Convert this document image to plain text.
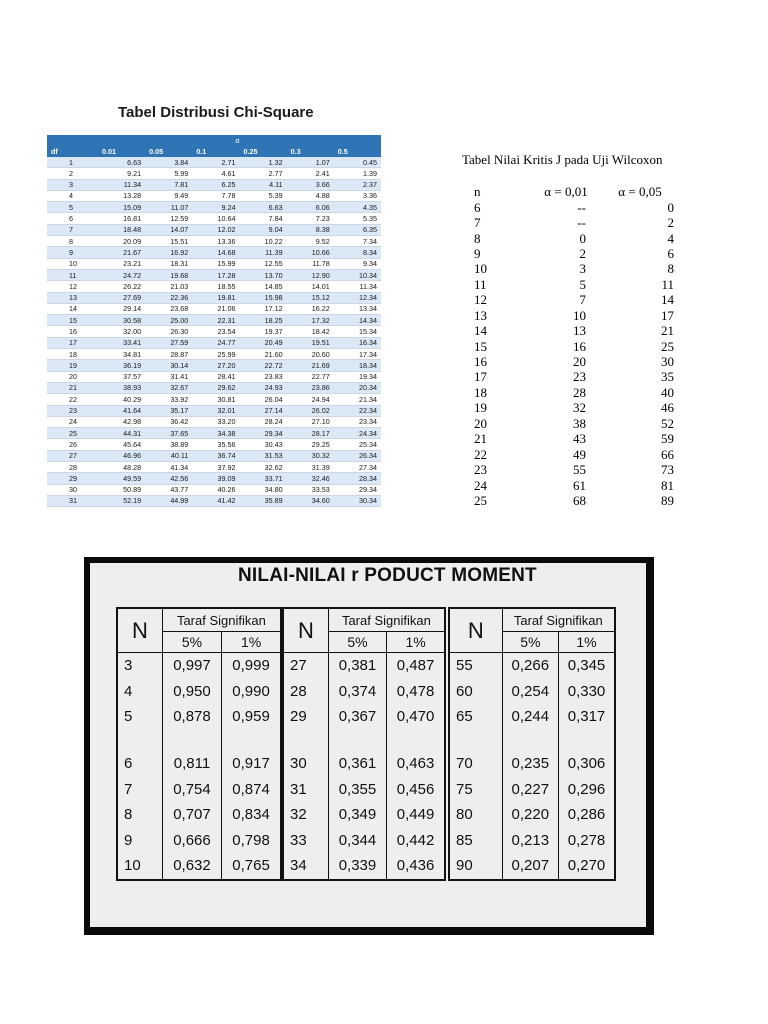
Tabel Distribusi Chi-Square
	α					
df	0.01	0.05	0.1	0.25	0.3	0.5
1	6.63	3.84	2.71	1.32	1.07	0.45
2	9.21	5.99	4.61	2.77	2.41	1.39
3	11.34	7.81	6.25	4.11	3.66	2.37
4	13.28	9.49	7.78	5.39	4.88	3.36
5	15.09	11.07	9.24	6.63	6.06	4.35
6	16.81	12.59	10.64	7.84	7.23	5.35
7	18.48	14.07	12.02	9.04	8.38	6.35
8	20.09	15.51	13.36	10.22	9.52	7.34
9	21.67	16.92	14.68	11.39	10.66	8.34
10	23.21	18.31	15.99	12.55	11.78	9.34
11	24.72	19.68	17.28	13.70	12.90	10.34
12	26.22	21.03	18.55	14.85	14.01	11.34
13	27.69	22.36	19.81	15.98	15.12	12.34
14	29.14	23.68	21.06	17.12	16.22	13.34
15	30.58	25.00	22.31	18.25	17.32	14.34
16	32.00	26.30	23.54	19.37	18.42	15.34
17	33.41	27.59	24.77	20.49	19.51	16.34
18	34.81	28.87	25.99	21.60	20.60	17.34
19	36.19	30.14	27.20	22.72	21.69	18.34
20	37.57	31.41	28.41	23.83	22.77	19.34
21	38.93	32.67	29.62	24.93	23.86	20.34
22	40.29	33.92	30.81	26.04	24.94	21.34
23	41.64	35.17	32.01	27.14	26.02	22.34
24	42.98	36.42	33.20	28.24	27.10	23.34
25	44.31	37.65	34.38	29.34	28.17	24.34
26	45.64	38.89	35.56	30.43	29.25	25.34
27	46.96	40.11	36.74	31.53	30.32	26.34
28	48.28	41.34	37.92	32.62	31.39	27.34
29	49.59	42.56	39.09	33.71	32.46	28.34
30	50.89	43.77	40.26	34.80	33.53	29.34
31	52.19	44.99	41.42	35.89	34.60	30.34
Tabel Nilai Kritis J pada Uji Wilcoxon
n	α = 0,01	α = 0,05
6	--	0
7	--	2
8	0	4
9	2	6
10	3	8
11	5	11
12	7	14
13	10	17
14	13	21
15	16	25
16	20	30
17	23	35
18	28	40
19	32	46
20	38	52
21	43	59
22	49	66
23	55	73
24	61	81
25	68	89
NILAI-NILAI r PODUCT MOMENT
N	Taraf Signifikan	
	5%	1%
3	0,997	0,999
4	0,950	0,990
5	0,878	0,959

6	0,811	0,917
7	0,754	0,874
8	0,707	0,834
9	0,666	0,798
10	0,632	0,765
N	Taraf Signifikan	
	5%	1%
27	0,381	0,487
28	0,374	0,478
29	0,367	0,470

30	0,361	0,463
31	0,355	0,456
32	0,349	0,449
33	0,344	0,442
34	0,339	0,436
N	Taraf Signifikan	
	5%	1%
55	0,266	0,345
60	0,254	0,330
65	0,244	0,317

70	0,235	0,306
75	0,227	0,296
80	0,220	0,286
85	0,213	0,278
90	0,207	0,270
